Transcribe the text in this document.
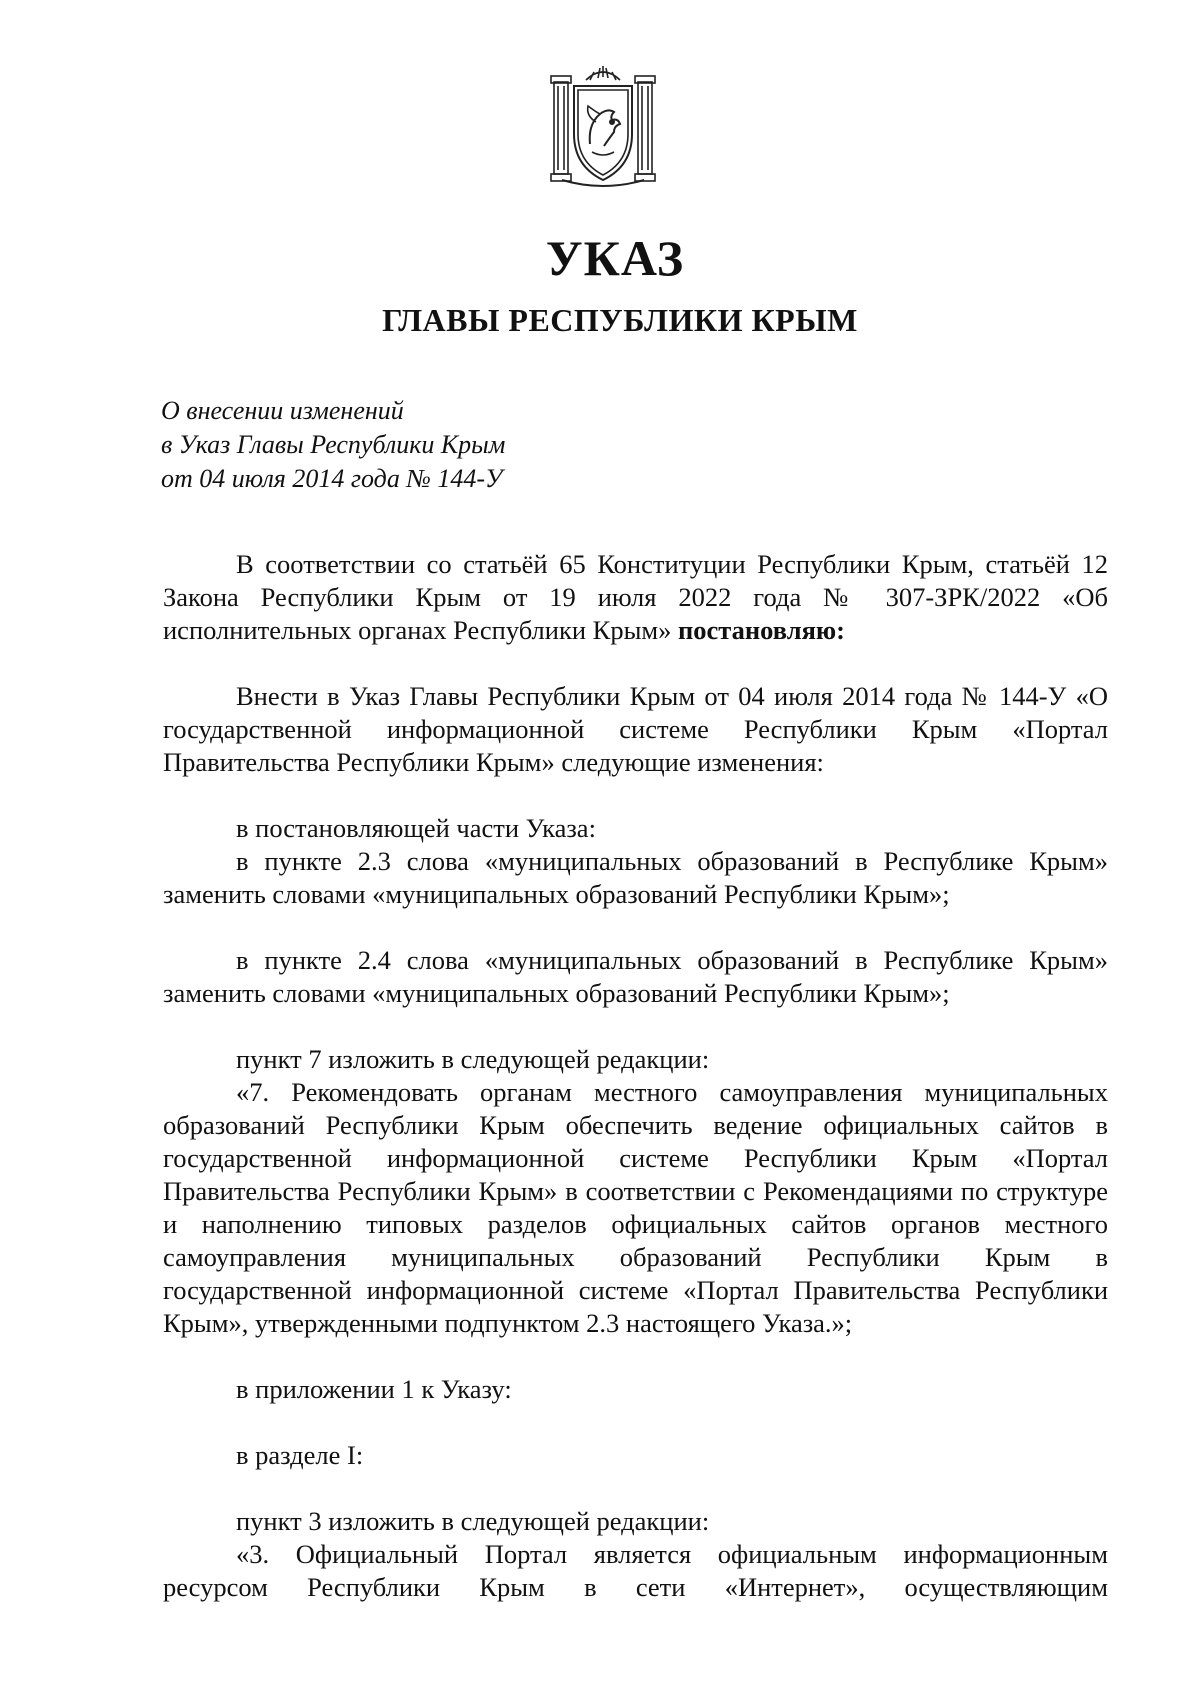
УКАЗ
ГЛАВЫ РЕСПУБЛИКИ КРЫМ
О внесении изменений
в Указ Главы Республики Крым
от 04 июля 2014 года № 144-У

В соответствии со статьёй 65 Конституции Республики Крым, статьёй 12 Закона Республики Крым от 19 июля 2022 года № 307-ЗРК/2022 «Об исполнительных органах Республики Крым» постановляю:

Внести в Указ Главы Республики Крым от 04 июля 2014 года № 144-У «О государственной информационной системе Республики Крым «Портал Правительства Республики Крым» следующие изменения:

в постановляющей части Указа:

в пункте 2.3 слова «муниципальных образований в Республике Крым» заменить словами «муниципальных образований Республики Крым»;

в пункте 2.4 слова «муниципальных образований в Республике Крым» заменить словами «муниципальных образований Республики Крым»;

пункт 7 изложить в следующей редакции:

«7. Рекомендовать органам местного самоуправления муниципальных образований Республики Крым обеспечить ведение официальных сайтов в государственной информационной системе Республики Крым «Портал Правительства Республики Крым» в соответствии с Рекомендациями по структуре и наполнению типовых разделов официальных сайтов органов местного самоуправления муниципальных образований Республики Крым в государственной информационной системе «Портал Правительства Республики Крым», утвержденными подпунктом 2.3 настоящего Указа.»;

в приложении 1 к Указу:

в разделе I:

пункт 3 изложить в следующей редакции:

«3. Официальный Портал является официальным информационным ресурсом Республики Крым в сети «Интернет», осуществляющим
